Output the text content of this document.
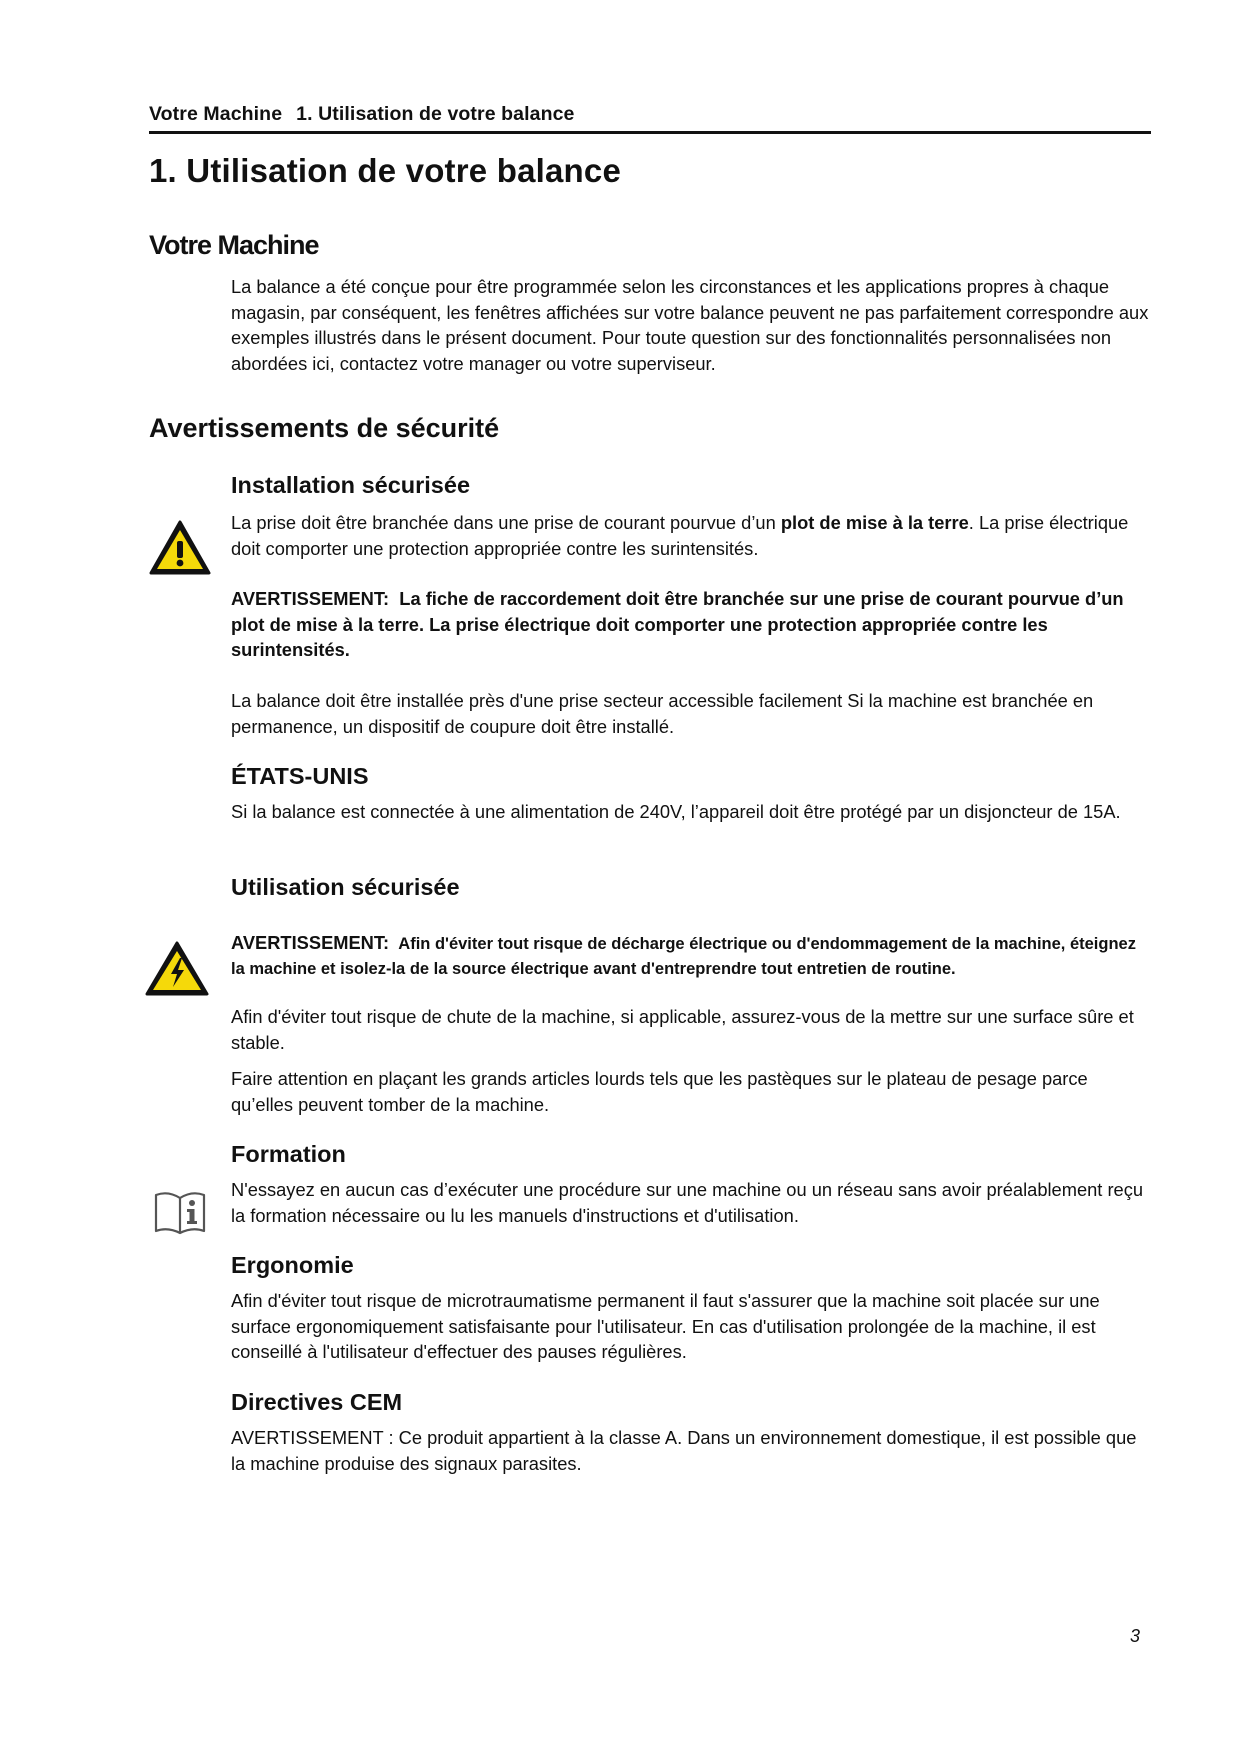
Votre Machine 1. Utilisation de votre balance
1. Utilisation de votre balance
Votre Machine

La balance a été conçue pour être programmée selon les circonstances et les applications propres à chaque magasin, par conséquent, les fenêtres affichées sur votre balance peuvent ne pas parfaitement correspondre aux exemples illustrés dans le présent document. Pour toute question sur des fonctionnalités personnalisées non abordées ici, contactez votre manager ou votre superviseur.

Avertissements de sécurité
Installation sécurisée

La prise doit être branchée dans une prise de courant pourvue d’un plot de mise à la terre. La prise électrique doit comporter une protection appropriée contre les surintensités.

AVERTISSEMENT: La fiche de raccordement doit être branchée sur une prise de courant pourvue d’un plot de mise à la terre. La prise électrique doit comporter une protection appropriée contre les surintensités.

La balance doit être installée près d'une prise secteur accessible facilement Si la machine est branchée en permanence, un dispositif de coupure doit être installé.

ÉTATS-UNIS

Si la balance est connectée à une alimentation de 240V, l’appareil doit être protégé par un disjoncteur de 15A.

Utilisation sécurisée

AVERTISSEMENT: Afin d'éviter tout risque de décharge électrique ou d'endommagement de la machine, éteignez la machine et isolez-la de la source électrique avant d'entreprendre tout entretien de routine.

Afin d'éviter tout risque de chute de la machine, si applicable, assurez-vous de la mettre sur une surface sûre et stable.

Faire attention en plaçant les grands articles lourds tels que les pastèques sur le plateau de pesage parce qu’elles peuvent tomber de la machine.

Formation

N'essayez en aucun cas d’exécuter une procédure sur une machine ou un réseau sans avoir préalablement reçu la formation nécessaire ou lu les manuels d'instructions et d'utilisation.

Ergonomie

Afin d'éviter tout risque de microtraumatisme permanent il faut s'assurer que la machine soit placée sur une surface ergonomiquement satisfaisante pour l'utilisateur. En cas d'utilisation prolongée de la machine, il est conseillé à l'utilisateur d'effectuer des pauses régulières.

Directives CEM

AVERTISSEMENT : Ce produit appartient à la classe A. Dans un environnement domestique, il est possible que la machine produise des signaux parasites.

3
